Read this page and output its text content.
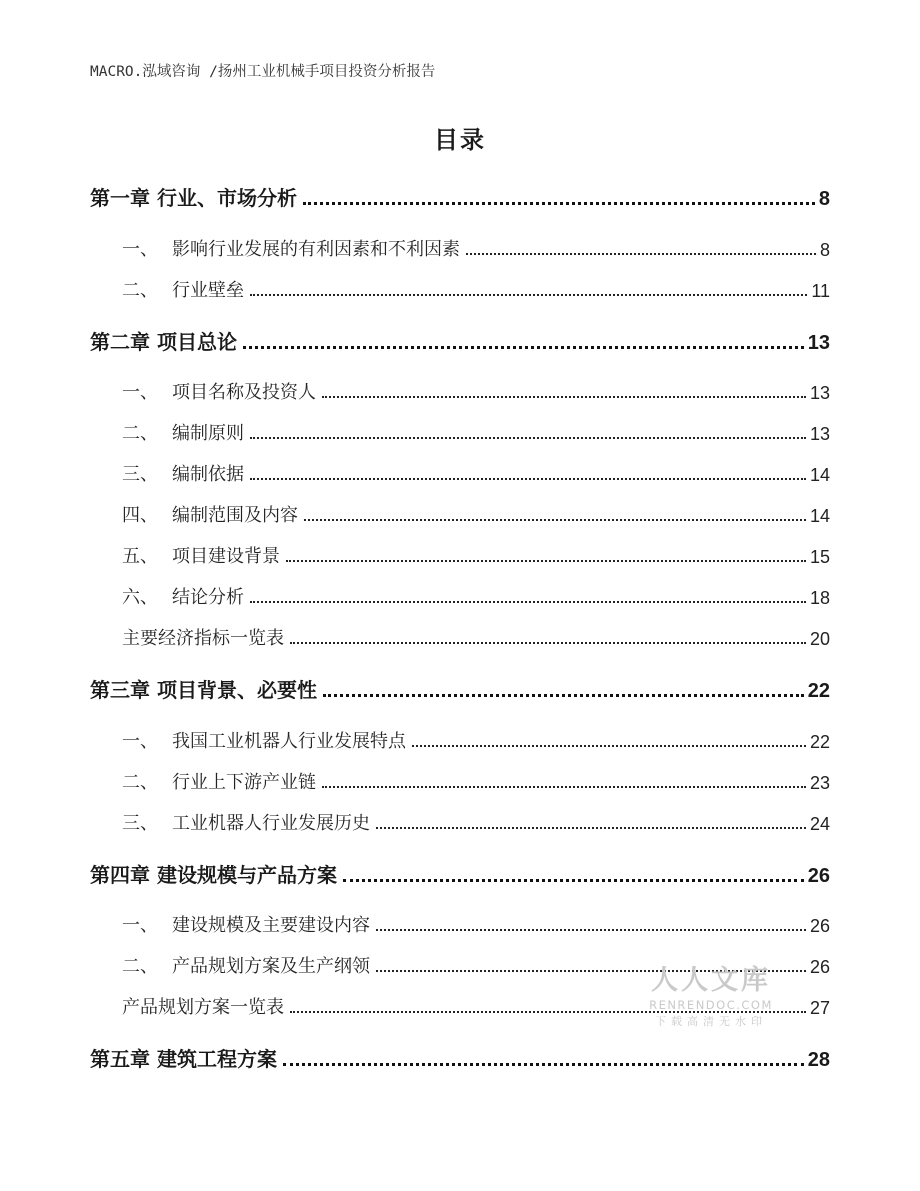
MACRO.泓域咨询 /扬州工业机械手项目投资分析报告
目录
第一章 行业、市场分析	8
一、 影响行业发展的有利因素和不利因素	8
二、 行业壁垒	11
第二章 项目总论	13
一、 项目名称及投资人	13
二、 编制原则	13
三、 编制依据	14
四、 编制范围及内容	14
五、 项目建设背景	15
六、 结论分析	18
主要经济指标一览表	20
第三章 项目背景、必要性	22
一、 我国工业机器人行业发展特点	22
二、 行业上下游产业链	23
三、 工业机器人行业发展历史	24
第四章 建设规模与产品方案	26
一、 建设规模及主要建设内容	26
二、 产品规划方案及生产纲领	26
产品规划方案一览表	27
第五章 建筑工程方案	28
人人文库
RENRENDOC.COM
下载高清无水印
